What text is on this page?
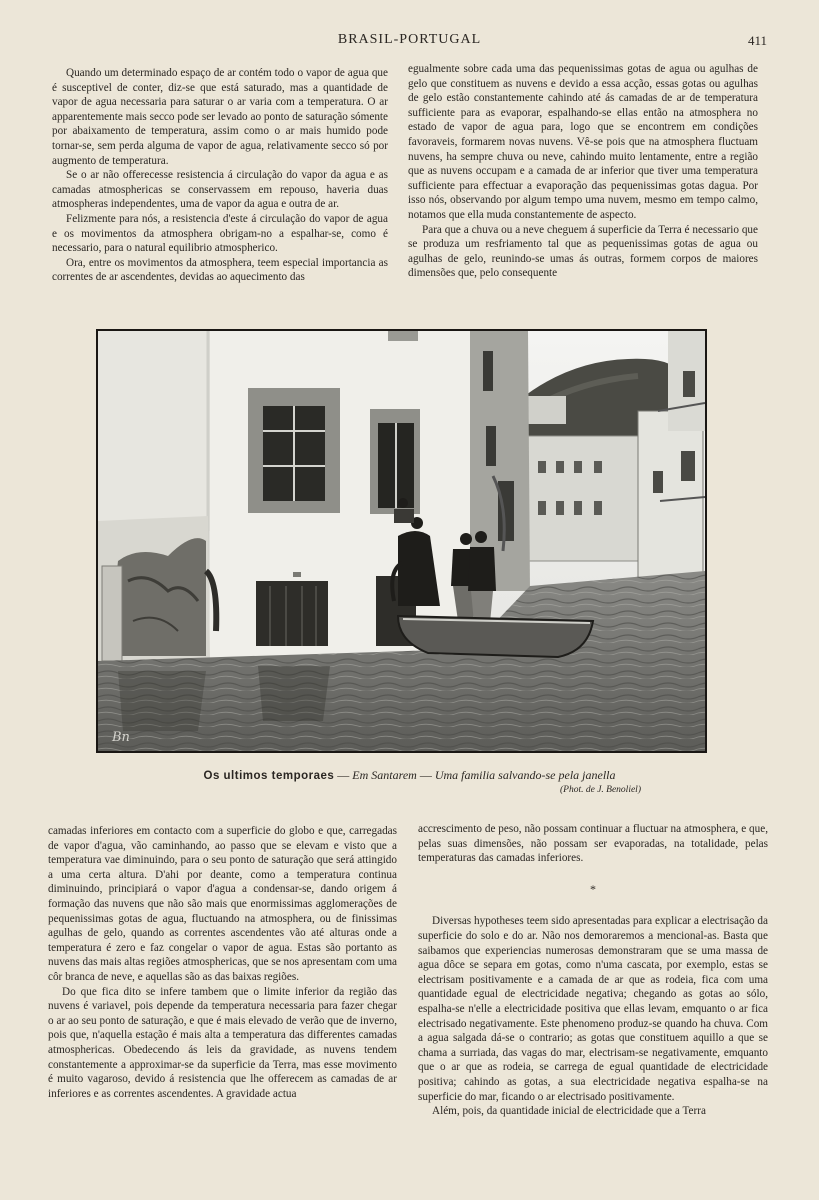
BRASIL-PORTUGAL	411

Quando um determinado espaço de ar contém todo o vapor de agua que é susceptivel de conter, diz-se que está saturado, mas a quantidade de vapor de agua necessaria para saturar o ar varia com a temperatura. O ar apparentemente mais secco pode ser levado ao ponto de saturação sómente por abaixamento de temperatura, assim como o ar mais humido pode tornar-se, sem perda alguma de vapor de agua, relativamente secco só por augmento de temperatura.

Se o ar não offerecesse resistencia á circulação do vapor da agua e as camadas atmosphericas se conservassem em repouso, haveria duas atmospheras independentes, uma de vapor da agua e outra de ar.

Felizmente para nós, a resistencia d'este á circulação do vapor de agua e os movimentos da atmosphera obrigam-no a espalhar-se, como é necessario, para o natural equilibrio atmospherico.

Ora, entre os movimentos da atmosphera, teem especial importancia as correntes de ar ascendentes, devidas ao aquecimento das

egualmente sobre cada uma das pequenissimas gotas de agua ou agulhas de gelo que constituem as nuvens e devido a essa acção, essas gotas ou agulhas de gelo estão constantemente cahindo até ás camadas de ar de temperatura sufficiente para as evaporar, espalhando-se ellas então na atmosphera no estado de vapor de agua para, logo que se encontrem em condições favoraveis, formarem novas nuvens. Vê-se pois que na atmosphera fluctuam nuvens, ha sempre chuva ou neve, cahindo muito lentamente, entre a região que as nuvens occupam e a camada de ar inferior que tiver uma temperatura sufficiente para effectuar a evaporação das pequenissimas gotas dagua. Por isso nós, observando por algum tempo uma nuvem, mesmo em tempo calmo, notamos que ella muda constantemente de aspecto.

Para que a chuva ou a neve cheguem á superficie da Terra é necessario que se produza um resfriamento tal que as pequenissimas gotas de agua ou agulhas de gelo, reunindo-se umas ás outras, formem corpos de maiores dimensões que, pelo consequente

Bn
Os ultimos temporaes — Em Santarem — Uma familia salvando-se pela janella
(Phot. de J. Benoliel)

camadas inferiores em contacto com a superficie do globo e que, carregadas de vapor d'agua, vão caminhando, ao passo que se elevam e visto que a temperatura vae diminuindo, para o seu ponto de saturação que será attingido a uma certa altura. D'ahi por deante, como a temperatura continua diminuindo, principiará o vapor d'agua a condensar-se, dando origem á formação das nuvens que não são mais que enormissimas agglomerações de pequenissimas gotas de agua, fluctuando na atmosphera, ou de finissimas agulhas de gelo, quando as correntes ascendentes vão até alturas onde a temperatura é zero e faz congelar o vapor de agua. Estas são portanto as nuvens das mais altas regiões atmosphericas, que se nos apresentam com uma côr branca de neve, e aquellas são as das baixas regiões.

Do que fica dito se infere tambem que o limite inferior da região das nuvens é variavel, pois depende da temperatura necessaria para fazer chegar o ar ao seu ponto de saturação, e que é mais elevado de verão que de inverno, pois que, n'aquella estação é mais alta a temperatura das differentes camadas atmosphericas. Obedecendo ás leis da gravidade, as nuvens tendem constantemente a approximar-se da superficie da Terra, mas esse movimento é muito vagaroso, devido á resistencia que lhe offerecem as camadas de ar inferiores e as correntes ascendentes. A gravidade actua

accrescimento de peso, não possam continuar a fluctuar na atmosphera, e que, pelas suas dimensões, não possam ser evaporadas, na totalidade, pelas temperaturas das camadas inferiores.

*

Diversas hypotheses teem sido apresentadas para explicar a electrisação da superficie do solo e do ar. Não nos demoraremos a mencional-as. Basta que saibamos que experiencias numerosas demonstraram que se uma massa de agua dôce se separa em gotas, como n'uma cascata, por exemplo, estas se electrisam positivamente e a camada de ar que as rodeia, fica com uma quantidade egual de electricidade negativa; chegando as gotas ao sólo, espalha-se n'elle a electricidade positiva que ellas levam, emquanto o ar fica electrisado negativamente. Este phenomeno produz-se quando ha chuva. Com a agua salgada dá-se o contrario; as gotas que constituem aquillo a que se chama a surriada, das vagas do mar, electrisam-se negativamente, emquanto que o ar que as rodeia, se carrega de egual quantidade de electricidade positiva; cahindo as gotas, a sua electricidade negativa espalha-se na superficie do mar, ficando o ar electrisado positivamente.

Além, pois, da quantidade inicial de electricidade que a Terra
